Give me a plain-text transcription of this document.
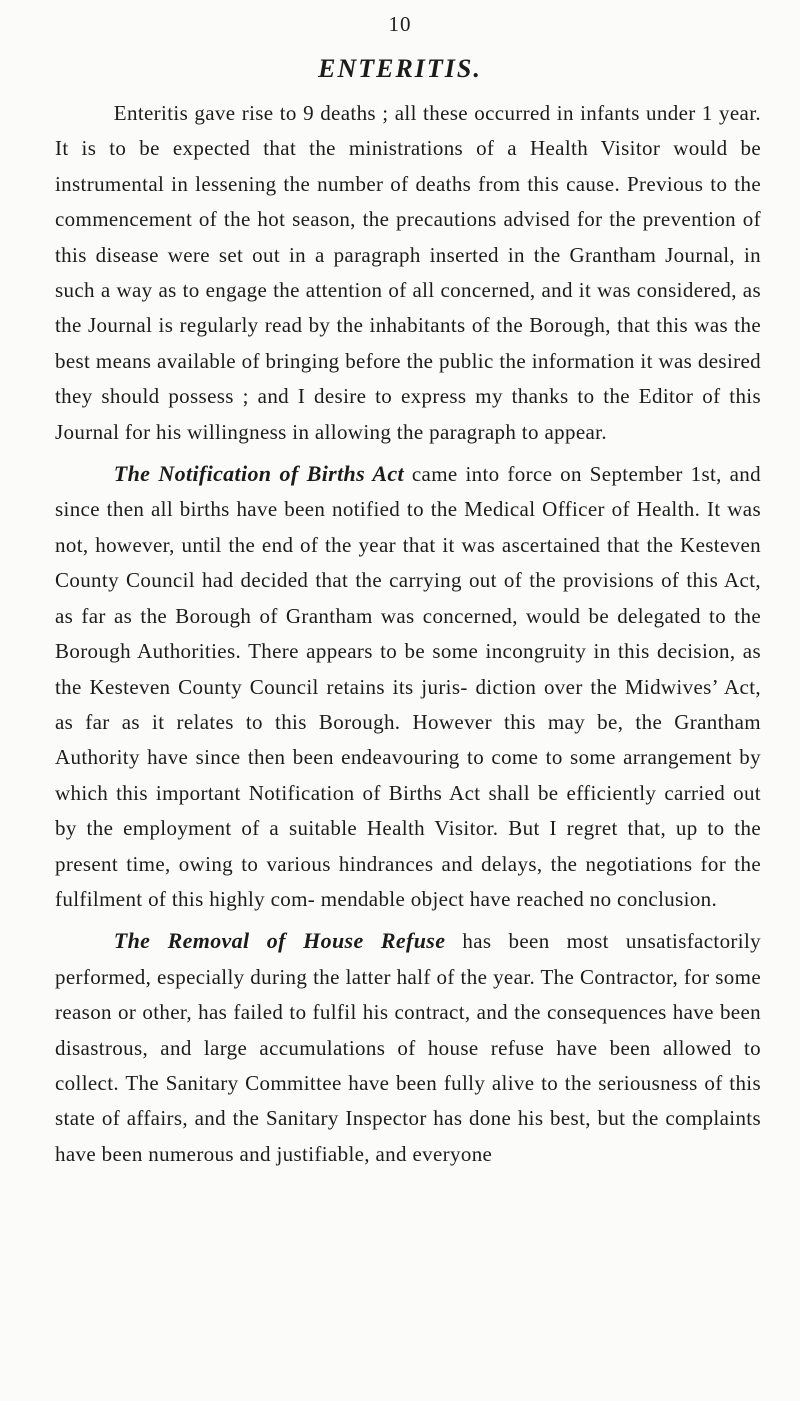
10
ENTERITIS.

Enteritis gave rise to 9 deaths ; all these occurred in infants under 1 year. It is to be expected that the ministrations of a Health Visitor would be instrumental in lessening the number of deaths from this cause. Previous to the commencement of the hot season, the precautions advised for the prevention of this disease were set out in a paragraph inserted in the Grantham Journal, in such a way as to engage the attention of all concerned, and it was considered, as the Journal is regularly read by the inhabitants of the Borough, that this was the best means available of bringing before the public the information it was desired they should possess ; and I desire to express my thanks to the Editor of this Journal for his willingness in allowing the paragraph to appear.

The Notification of Births Act came into force on September 1st, and since then all births have been notified to the Medical Officer of Health. It was not, however, until the end of the year that it was ascertained that the Kesteven County Council had decided that the carrying out of the provisions of this Act, as far as the Borough of Grantham was concerned, would be delegated to the Borough Authorities. There appears to be some incongruity in this decision, as the Kesteven County Council retains its juris- diction over the Midwives’ Act, as far as it relates to this Borough. However this may be, the Grantham Authority have since then been endeavouring to come to some arrangement by which this important Notification of Births Act shall be efficiently carried out by the employment of a suitable Health Visitor. But I regret that, up to the present time, owing to various hindrances and delays, the negotiations for the fulfilment of this highly com- mendable object have reached no conclusion.

The Removal of House Refuse has been most unsatisfactorily performed, especially during the latter half of the year. The Contractor, for some reason or other, has failed to fulfil his contract, and the consequences have been disastrous, and large accumulations of house refuse have been allowed to collect. The Sanitary Committee have been fully alive to the seriousness of this state of affairs, and the Sanitary Inspector has done his best, but the complaints have been numerous and justifiable, and everyone
